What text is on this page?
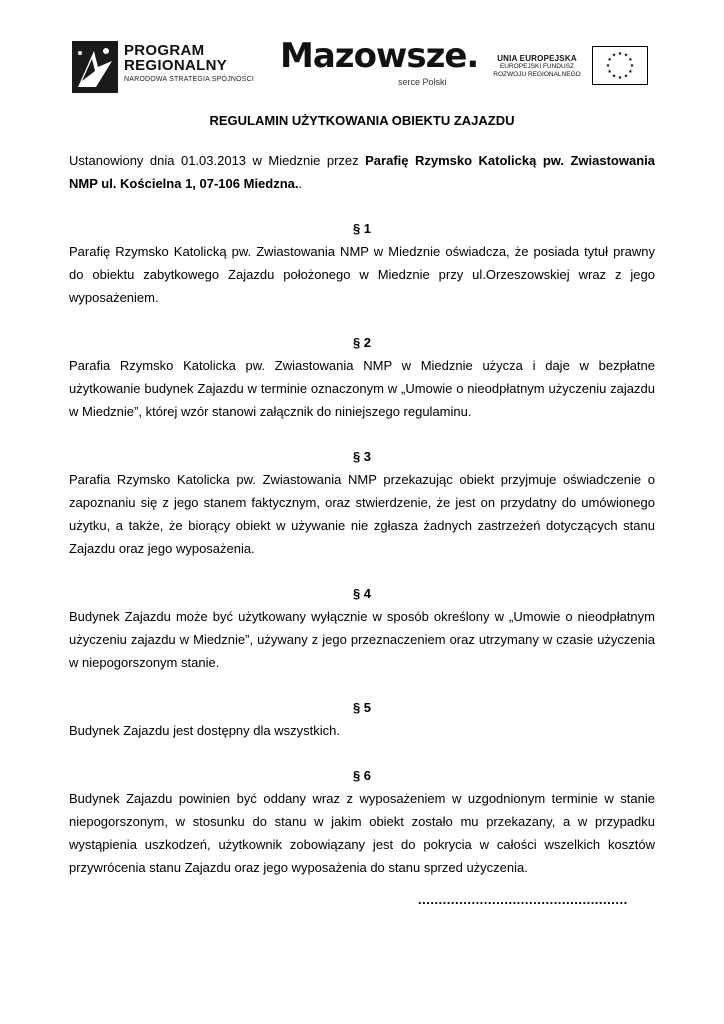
PROGRAM
REGIONALNY
NARODOWA STRATEGIA SPÓJNOŚCI
Mazowsze.
serce Polski
UNIA EUROPEJSKA
EUROPEJSKI FUNDUSZ
ROZWOJU REGIONALNEGO
★ ★
★
★
★
★
★
★
★
★
★
★

REGULAMIN UŻYTKOWANIA OBIEKTU ZAJAZDU

Ustanowiony dnia 01.03.2013 w Miedznie przez Parafię Rzymsko Katolicką pw. Zwiastowania NMP ul. Kościelna 1, 07-106 Miedzna..

§ 1

Parafię Rzymsko Katolicką pw. Zwiastowania NMP w Miedznie oświadcza, że posiada tytuł prawny do obiektu zabytkowego Zajazdu położonego w Miedznie przy ul.Orzeszowskiej wraz z jego wyposażeniem.

§ 2

Parafia Rzymsko Katolicka pw. Zwiastowania NMP w Miedznie użycza i daje w bezpłatne użytkowanie budynek Zajazdu w terminie oznaczonym w „Umowie o nieodpłatnym użyczeniu zajazdu w Miedznie”, której wzór stanowi załącznik do niniejszego regulaminu.

§ 3

Parafia Rzymsko Katolicka pw. Zwiastowania NMP przekazując obiekt przyjmuje oświadczenie o zapoznaniu się z jego stanem faktycznym, oraz stwierdzenie, że jest on przydatny do umówionego użytku, a także, że biorący obiekt w używanie nie zgłasza żadnych zastrzeżeń dotyczących stanu Zajazdu oraz jego wyposażenia.

§ 4

Budynek Zajazdu może być użytkowany wyłącznie w sposób określony w „Umowie o nieodpłatnym użyczeniu zajazdu w Miedznie”, używany z jego przeznaczeniem oraz utrzymany w czasie użyczenia w niepogorszonym stanie.

§ 5

Budynek Zajazdu jest dostępny dla wszystkich.

§ 6

Budynek Zajazdu powinien być oddany wraz z wyposażeniem w uzgodnionym terminie w stanie niepogorszonym, w stosunku do stanu w jakim obiekt zostało mu przekazany, a w przypadku wystąpienia uszkodzeń, użytkownik zobowiązany jest do pokrycia w całości wszelkich kosztów przywrócenia stanu Zajazdu oraz jego wyposażenia do stanu sprzed użyczenia.

...................................................
